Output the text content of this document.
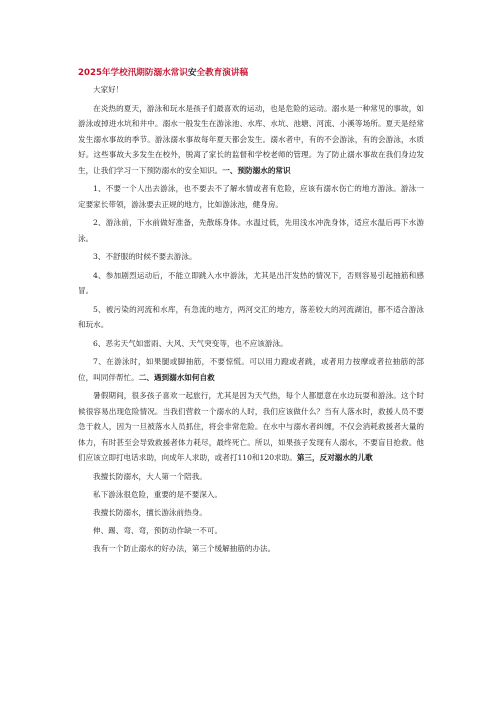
2025年学校汛期防溺水常识安全教育演讲稿

大家好！

在炎热的夏天，游泳和玩水是孩子们最喜欢的运动，也是危险的运动。溺水是一种常见的事故，如游泳或掉进水坑和井中。溺水一般发生在游泳池、水库、水坑、池塘、河流、小溪等场所。夏天是经常发生溺水事故的季节。游泳溺水事故每年夏天都会发生。溺水者中，有的不会游泳，有的会游泳，水质好。这些事故大多发生在校外，脱离了家长的监督和学校老师的管理。为了防止溺水事故在我们身边发生，让我们学习一下预防溺水的安全知识。一、预防溺水的常识

1、不要一个人出去游泳，也不要去不了解水情或者有危险，应该有溺水伤亡的地方游泳。游泳一定要家长带领，游泳要去正规的地方，比如游泳池，健身房。

2、游泳前，下水前做好准备，先散练身体。水温过低，先用浅水冲洗身体，适应水温后再下水游泳。

3、不舒服的时候不要去游泳。

4、参加剧烈运动后，不能立即跳入水中游泳，尤其是出汗发热的情况下，否则容易引起抽筋和感冒。

5、被污染的河流和水库，有急流的地方，两河交汇的地方，落差较大的河流湖泊，都不适合游泳和玩水。

6、恶劣天气如雷雨、大风、天气突变等，也不应该游泳。

7、在游泳时，如果腿或脚抽筋，不要惊慌。可以用力蹬或者跳，或者用力按摩或者拉抽筋的部位，叫同伴帮忙。二、遇到溺水如何自救

暑假期间，很多孩子喜欢一起旅行，尤其是因为天气热，每个人都愿意在水边玩耍和游泳。这个时候很容易出现危险情况。当我们营救一个溺水的人时，我们应该做什么？当有人落水时，救援人员不要急于救人，因为一旦被落水人员抓住，将会非常危险。在水中与溺水者纠缠，不仅会消耗救援者大量的体力，有时甚至会导致救援者体力耗尽，最终死亡。所以，如果孩子发现有人溺水，不要盲目抢救。他们应该立即打电话求助，向成年人求助，或者打110和120求助。第三，反对溺水的儿歌

我擅长防溺水，大人第一个陪我。

私下游泳很危险，重要的是不要深入。

我擅长防溺水，擅长游泳前热身。

伸、踢、弯、弯，预防动作缺一不可。

我有一个防止溺水的好办法，第三个缓解抽筋的办法。
